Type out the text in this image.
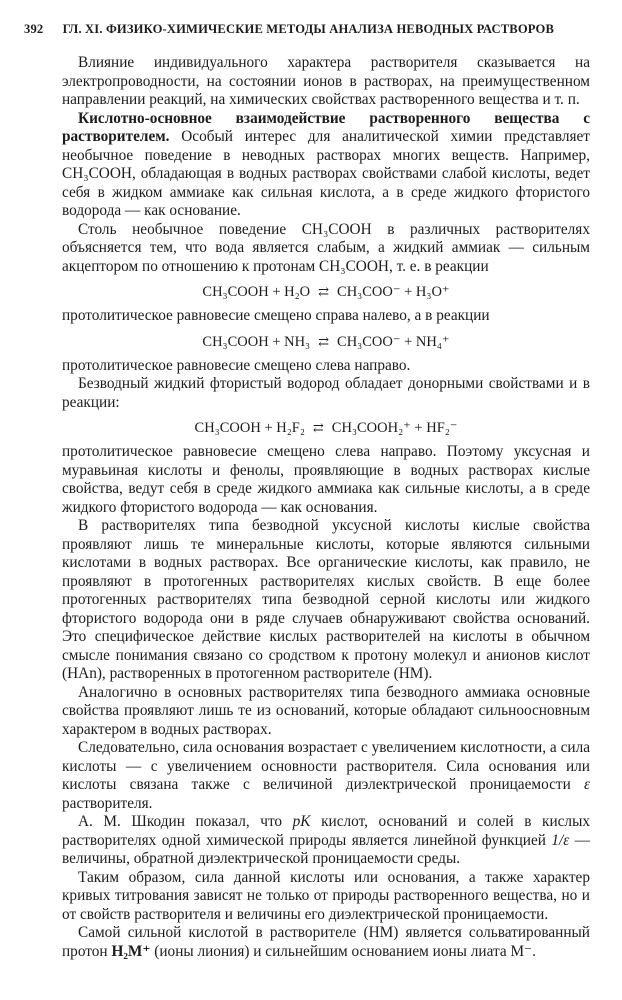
392 ГЛ. XI. ФИЗИКО-ХИМИЧЕСКИЕ МЕТОДЫ АНАЛИЗА НЕВОДНЫХ РАСТВОРОВ

Влияние индивидуального характера растворителя сказывается на электропроводности, на состоянии ионов в растворах, на преимущественном направлении реакций, на химических свойствах растворенного вещества и т. п.

Кислотно-основное взаимодействие растворенного вещества с растворителем. Особый интерес для аналитической химии представляет необычное поведение в неводных растворах многих веществ. Например, CH₃COOH, обладающая в водных растворах свойствами слабой кислоты, ведет себя в жидком аммиаке как сильная кислота, а в среде жидкого фтористого водорода — как основание.

Столь необычное поведение CH₃COOH в различных растворителях объясняется тем, что вода является слабым, а жидкий аммиак — сильным акцептором по отношению к протонам CH₃COOH, т. е. в реакции

CH₃COOH + H₂O ⇄ CH₃COO⁻ + H₃O⁺

протолитическое равновесие смещено справа налево, а в реакции

CH₃COOH + NH₃ ⇄ CH₃COO⁻ + NH₄⁺

протолитическое равновесие смещено слева направо.

Безводный жидкий фтористый водород обладает донорными свойствами и в реакции:

CH₃COOH + H₂F₂ ⇄ CH₃COOH₂⁺ + HF₂⁻

протолитическое равновесие смещено слева направо. Поэтому уксусная и муравьиная кислоты и фенолы, проявляющие в водных растворах кислые свойства, ведут себя в среде жидкого аммиака как сильные кислоты, а в среде жидкого фтористого водорода — как основания.

В растворителях типа безводной уксусной кислоты кислые свойства проявляют лишь те минеральные кислоты, которые являются сильными кислотами в водных растворах. Все органические кислоты, как правило, не проявляют в протогенных растворителях кислых свойств. В еще более протогенных растворителях типа безводной серной кислоты или жидкого фтористого водорода они в ряде случаев обнаруживают свойства оснований. Это специфическое действие кислых растворителей на кислоты в обычном смысле понимания связано со сродством к протону молекул и анионов кислот (HAn), растворенных в протогенном растворителе (HM).

Аналогично в основных растворителях типа безводного аммиака основные свойства проявляют лишь те из оснований, которые обладают сильноосновным характером в водных растворах.

Следовательно, сила основания возрастает с увеличением кислотности, а сила кислоты — с увеличением основности растворителя. Сила основания или кислоты связана также с величиной диэлектрической проницаемости ε растворителя.

А. М. Шкодин показал, что pK кислот, оснований и солей в кислых растворителях одной химической природы является линейной функцией 1/ε — величины, обратной диэлектрической проницаемости среды.

Таким образом, сила данной кислоты или основания, а также характер кривых титрования зависят не только от природы растворенного вещества, но и от свойств растворителя и величины его диэлектрической проницаемости.

Самой сильной кислотой в растворителе (HM) является сольватированный протон H₂M⁺ (ионы лиония) и сильнейшим основанием ионы лиата M⁻.
